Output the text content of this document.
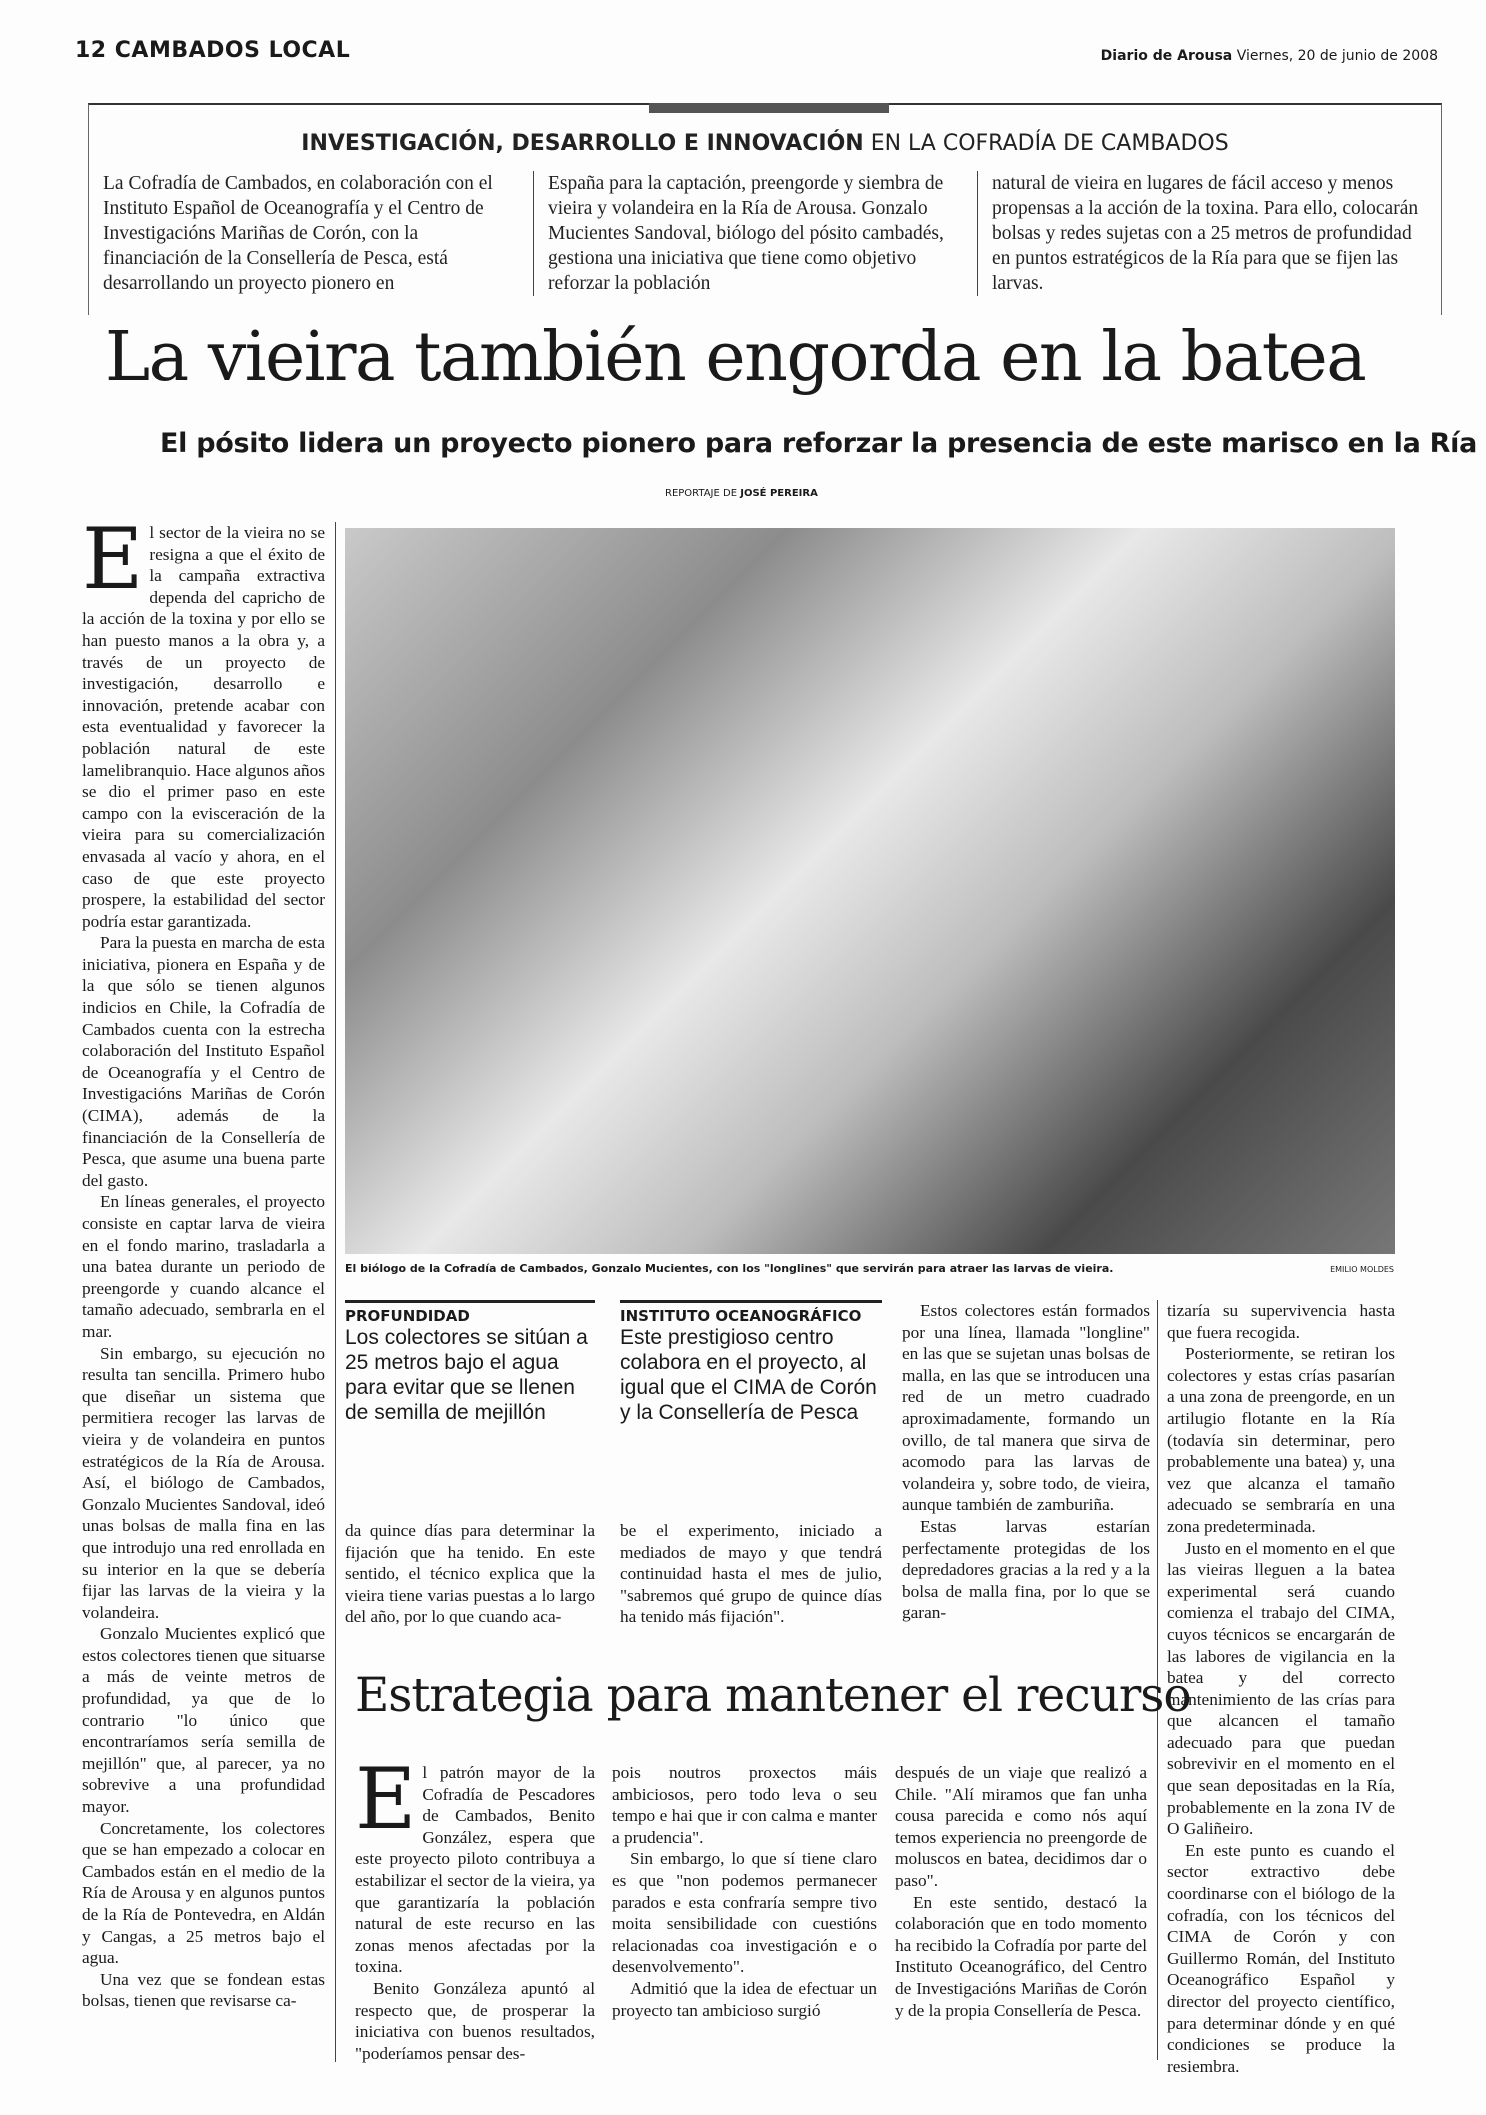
12 CAMBADOS LOCAL	Diario de Arousa Viernes, 20 de junio de 2008
INVESTIGACIÓN, DESARROLLO E INNOVACIÓN EN LA COFRADÍA DE CAMBADOS
La Cofradía de Cambados, en colaboración con el Instituto Español de Oceanografía y el Centro de Investigacións Mariñas de Corón, con la financiación de la Consellería de Pesca, está desarrollando un proyecto pionero en
España para la captación, preengorde y siembra de vieira y volandeira en la Ría de Arousa. Gonzalo Mucientes Sandoval, biólogo del pósito cambadés, gestiona una iniciativa que tiene como objetivo reforzar la población
natural de vieira en lugares de fácil acceso y menos propensas a la acción de la toxina. Para ello, colocarán bolsas y redes sujetas con a 25 metros de profundidad en puntos estratégicos de la Ría para que se fijen las larvas.
La vieira también engorda en la batea
El pósito lidera un proyecto pionero para reforzar la presencia de este marisco en la Ría
REPORTAJE DE JOSÉ PEREIRA

El sector de la vieira no se resigna a que el éxito de la campaña extractiva dependa del capricho de la acción de la toxina y por ello se han puesto manos a la obra y, a través de un proyecto de investigación, desarrollo e innovación, pretende acabar con esta eventualidad y favorecer la población natural de este lamelibranquio. Hace algunos años se dio el primer paso en este campo con la evisceración de la vieira para su comercialización envasada al vacío y ahora, en el caso de que este proyecto prospere, la estabilidad del sector podría estar garantizada.

Para la puesta en marcha de esta iniciativa, pionera en España y de la que sólo se tienen algunos indicios en Chile, la Cofradía de Cambados cuenta con la estrecha colaboración del Instituto Español de Oceanografía y el Centro de Investigacións Mariñas de Corón (CIMA), además de la financiación de la Consellería de Pesca, que asume una buena parte del gasto.

En líneas generales, el proyecto consiste en captar larva de vieira en el fondo marino, trasladarla a una batea durante un periodo de preengorde y cuando alcance el tamaño adecuado, sembrarla en el mar.

Sin embargo, su ejecución no resulta tan sencilla. Primero hubo que diseñar un sistema que permitiera recoger las larvas de vieira y de volandeira en puntos estratégicos de la Ría de Arousa. Así, el biólogo de Cambados, Gonzalo Mucientes Sandoval, ideó unas bolsas de malla fina en las que introdujo una red enrollada en su interior en la que se debería fijar las larvas de la vieira y la volandeira.

Gonzalo Mucientes explicó que estos colectores tienen que situarse a más de veinte metros de profundidad, ya que de lo contrario "lo único que encontraríamos sería semilla de mejillón" que, al parecer, ya no sobrevive a una profundidad mayor.

Concretamente, los colectores que se han empezado a colocar en Cambados están en el medio de la Ría de Arousa y en algunos puntos de la Ría de Pontevedra, en Aldán y Cangas, a 25 metros bajo el agua.

Una vez que se fondean estas bolsas, tienen que revisarse ca-

El biólogo de la Cofradía de Cambados, Gonzalo Mucientes, con los "longlines" que servirán para atraer las larvas de vieira.	EMILIO MOLDES
PROFUNDIDAD
Los colectores se sitúan a 25 metros bajo el agua para evitar que se llenen de semilla de mejillón
INSTITUTO OCEANOGRÁFICO
Este prestigioso centro colabora en el proyecto, al igual que el CIMA de Corón y la Consellería de Pesca

da quince días para determinar la fijación que ha tenido. En este sentido, el técnico explica que la vieira tiene varias puestas a lo largo del año, por lo que cuando aca-

be el experimento, iniciado a mediados de mayo y que tendrá continuidad hasta el mes de julio, "sabremos qué grupo de quince días ha tenido más fijación".

Estos colectores están formados por una línea, llamada "longline" en las que se sujetan unas bolsas de malla, en las que se introducen una red de un metro cuadrado aproximadamente, formando un ovillo, de tal manera que sirva de acomodo para las larvas de volandeira y, sobre todo, de vieira, aunque también de zamburiña.

Estas larvas estarían perfectamente protegidas de los depredadores gracias a la red y a la bolsa de malla fina, por lo que se garan-

tizaría su supervivencia hasta que fuera recogida.

Posteriormente, se retiran los colectores y estas crías pasarían a una zona de preengorde, en un artilugio flotante en la Ría (todavía sin determinar, pero probablemente una batea) y, una vez que alcanza el tamaño adecuado se sembraría en una zona predeterminada.

Justo en el momento en el que las vieiras lleguen a la batea experimental será cuando comienza el trabajo del CIMA, cuyos técnicos se encargarán de las labores de vigilancia en la batea y del correcto mantenimiento de las crías para que alcancen el tamaño adecuado para que puedan sobrevivir en el momento en el que sean depositadas en la Ría, probablemente en la zona IV de O Galiñeiro.

En este punto es cuando el sector extractivo debe coordinarse con el biólogo de la cofradía, con los técnicos del CIMA de Corón y con Guillermo Román, del Instituto Oceanográfico Español y director del proyecto científico, para determinar dónde y en qué condiciones se produce la resiembra.

Estrategia para mantener el recurso

El patrón mayor de la Cofradía de Pescadores de Cambados, Benito González, espera que este proyecto piloto contribuya a estabilizar el sector de la vieira, ya que garantizaría la población natural de este recurso en las zonas menos afectadas por la toxina.

Benito Gonzáleza apuntó al respecto que, de prosperar la iniciativa con buenos resultados, "poderíamos pensar des-

pois noutros proxectos máis ambiciosos, pero todo leva o seu tempo e hai que ir con calma e manter a prudencia".

Sin embargo, lo que sí tiene claro es que "non podemos permanecer parados e esta confraría sempre tivo moita sensibilidade con cuestións relacionadas coa investigación e o desenvolvemento".

Admitió que la idea de efectuar un proyecto tan ambicioso surgió

después de un viaje que realizó a Chile. "Alí miramos que fan unha cousa parecida e como nós aquí temos experiencia no preengorde de moluscos en batea, decidimos dar o paso".

En este sentido, destacó la colaboración que en todo momento ha recibido la Cofradía por parte del Instituto Oceanográfico, del Centro de Investigacións Mariñas de Corón y de la propia Consellería de Pesca.
